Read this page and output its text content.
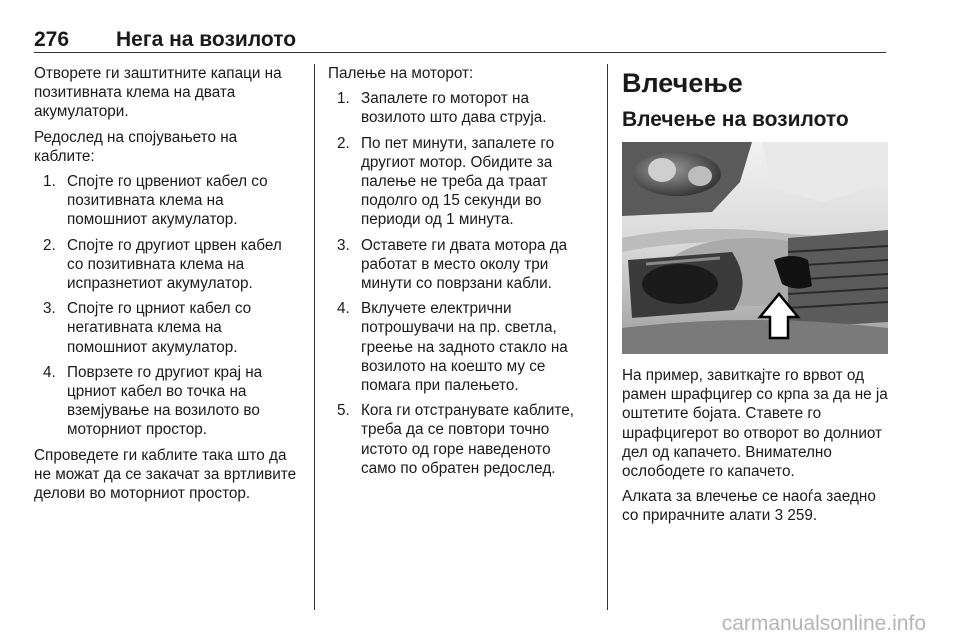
276 Нега на возилото

Отворете ги заштитните капаци на позитивната клема на двата акумулатори.

Редослед на спојувањето на каблите:

1. Спојте го црвениот кабел со позитивната клема на помошниот акумулатор.
2. Спојте го другиот црвен кабел со позитивната клема на испразнетиот акумулатор.
3. Спојте го црниот кабел со негативната клема на помошниот акумулатор.
4. Поврзете го другиот крај на црниот кабел во точка на вземјување на возилото во моторниот простор.

Спроведете ги каблите така што да не можат да се закачат за вртливите делови во моторниот простор.

Палење на моторот:

1. Запалете го моторот на возилото што дава струја.
2. По пет минути, запалете го другиот мотор. Обидите за палење не треба да траат подолго од 15 секунди во периоди од 1 минута.
3. Оставете ги двата мотора да работат в место околу три минути со поврзани кабли.
4. Вклучете електрични потрошувачи на пр. светла, греење на задното стакло на возилото на коешто му се помага при палењето.
5. Кога ги отстранувате каблите, треба да се повтори точно истото од горе наведеното само по обратен редослед.
Влечење
Влечење на возилото

На пример, завиткајте го врвот од рамен шрафцигер со крпа за да не ја оштетите бојата. Ставете го шрафцигерот во отворот во долниот дел од капачето. Внимателно ослободете го капачето.

Алката за влечење се наоѓа заедно со прирачните алати 3 259.

carmanualsonline.info
